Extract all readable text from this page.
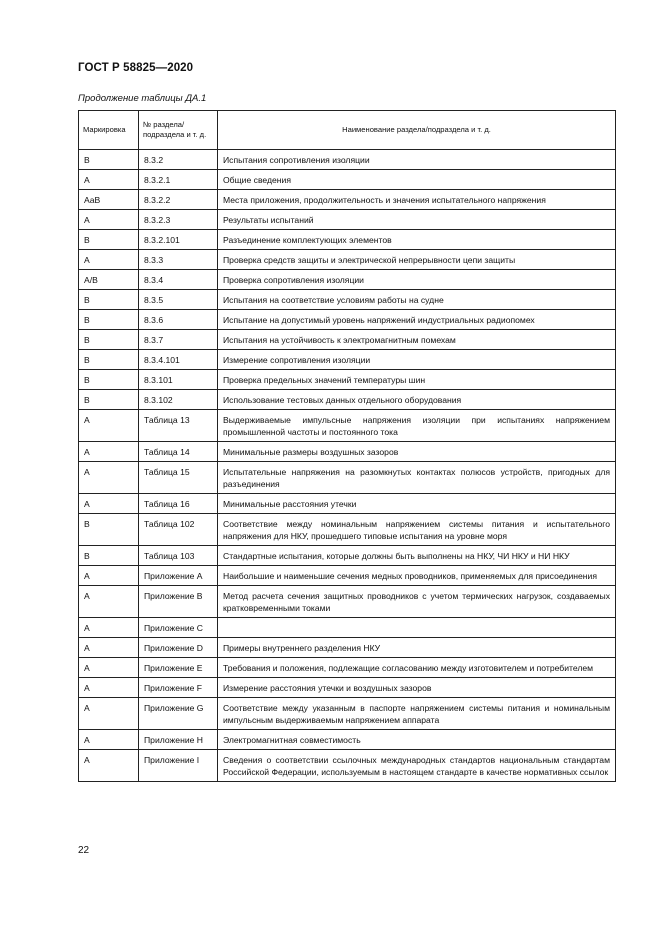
ГОСТ Р 58825—2020
Продолжение таблицы ДА.1
Маркировка	№ раздела/ подраздела и т. д.	Наименование раздела/подраздела и т. д.
B	8.3.2	Испытания сопротивления изоляции
A	8.3.2.1	Общие сведения
AaB	8.3.2.2	Места приложения, продолжительность и значения испытательного напряжения
A	8.3.2.3	Результаты испытаний
B	8.3.2.101	Разъединение комплектующих элементов
A	8.3.3	Проверка средств защиты и электрической непрерывности цепи защиты
A/B	8.3.4	Проверка сопротивления изоляции
B	8.3.5	Испытания на соответствие условиям работы на судне
B	8.3.6	Испытание на допустимый уровень напряжений индустриальных радиопомех
B	8.3.7	Испытания на устойчивость к электромагнитным помехам
B	8.3.4.101	Измерение сопротивления изоляции
B	8.3.101	Проверка предельных значений температуры шин
B	8.3.102	Использование тестовых данных отдельного оборудования
A	Таблица 13	Выдерживаемые импульсные напряжения изоляции при испытаниях напряжением промышленной частоты и постоянного тока
A	Таблица 14	Минимальные размеры воздушных зазоров
A	Таблица 15	Испытательные напряжения на разомкнутых контактах полюсов устройств, пригодных для разъединения
A	Таблица 16	Минимальные расстояния утечки
B	Таблица 102	Соответствие между номинальным напряжением системы питания и испытательного напряжения для НКУ, прошедшего типовые испытания на уровне моря
B	Таблица 103	Стандартные испытания, которые должны быть выполнены на НКУ, ЧИ НКУ и НИ НКУ
A	Приложение А	Наибольшие и наименьшие сечения медных проводников, применяемых для присоединения
A	Приложение В	Метод расчета сечения защитных проводников с учетом термических нагрузок, создаваемых кратковременными токами
A	Приложение С	
A	Приложение D	Примеры внутреннего разделения НКУ
A	Приложение E	Требования и положения, подлежащие согласованию между изготовителем и потребителем
A	Приложение F	Измерение расстояния утечки и воздушных зазоров
A	Приложение G	Соответствие между указанным в паспорте напряжением системы питания и номинальным импульсным выдерживаемым напряжением аппарата
A	Приложение H	Электромагнитная совместимость
A	Приложение I	Сведения о соответствии ссылочных международных стандартов национальным стандартам Российской Федерации, используемым в настоящем стандарте в качестве нормативных ссылок
22
